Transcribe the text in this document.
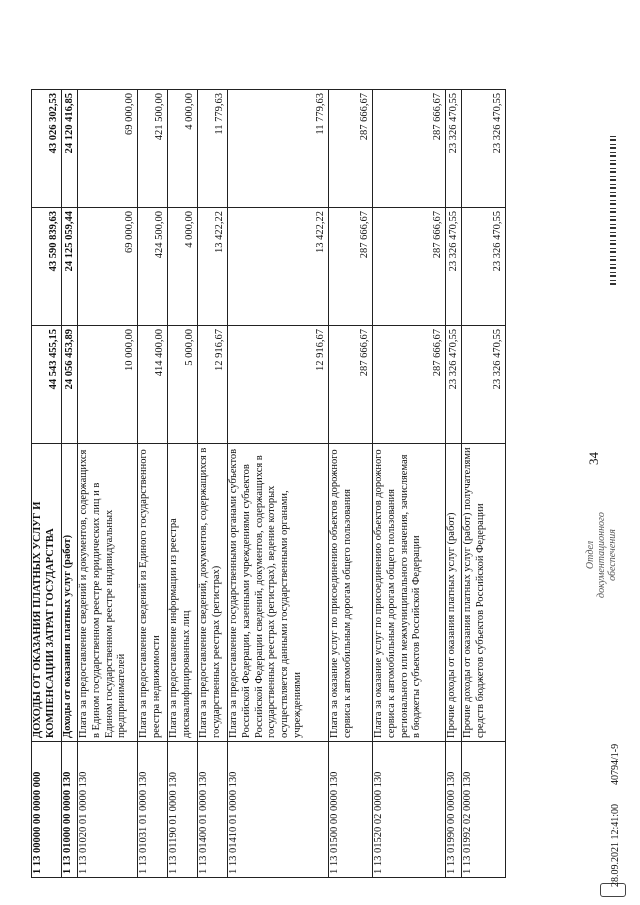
34
1 13 00000 00 0000 000	ДОХОДЫ ОТ ОКАЗАНИЯ ПЛАТНЫХ УСЛУГ И КОМПЕНСАЦИИ ЗАТРАТ ГОСУДАРСТВА	44 543 455,15	43 590 839,63	43 026 302,53
1 13 01000 00 0000 130	Доходы от оказания платных услуг (работ)	24 056 453,89	24 125 059,44	24 120 416,85
1 13 01020 01 0000 130	Плата за предоставление сведений и документов, содержащихся в Едином государственном реестре юридических лиц и в Едином государственном реестре индивидуальных предпринимателей	10 000,00	69 000,00	69 000,00
1 13 01031 01 0000 130	Плата за предоставление сведений из Единого государственного реестра недвижимости	414 400,00	424 500,00	421 500,00
1 13 01190 01 0000 130	Плата за предоставление информации из реестра дисквалифицированных лиц	5 000,00	4 000,00	4 000,00
1 13 01400 01 0000 130	Плата за предоставление сведений, документов, содержащихся в государственных реестрах (регистрах)	12 916,67	13 422,22	11 779,63
1 13 01410 01 0000 130	Плата за предоставление государственными органами субъектов Российской Федерации, казенными учреждениями субъектов Российской Федерации сведений, документов, содержащихся в государственных реестрах (регистрах), ведение которых осуществляется данными государственными органами, учреждениями	12 916,67	13 422,22	11 779,63
1 13 01500 00 0000 130	Плата за оказание услуг по присоединению объектов дорожного сервиса к автомобильным дорогам общего пользования	287 666,67	287 666,67	287 666,67
1 13 01520 02 0000 130	Плата за оказание услуг по присоединению объектов дорожного сервиса к автомобильным дорогам общего пользования регионального или межмуниципального значения, зачисляемая в бюджеты субъектов Российской Федерации	287 666,67	287 666,67	287 666,67
1 13 01990 00 0000 130	Прочие доходы от оказания платных услуг (работ)	23 326 470,55	23 326 470,55	23 326 470,55
1 13 01992 02 0000 130	Прочие доходы от оказания платных услуг (работ) получателями средств бюджетов субъектов Российской Федерации	23 326 470,55	23 326 470,55	23 326 470,55
28.09.2021 12:41:00
40794/1-9
Отдел документационного обеспечения
